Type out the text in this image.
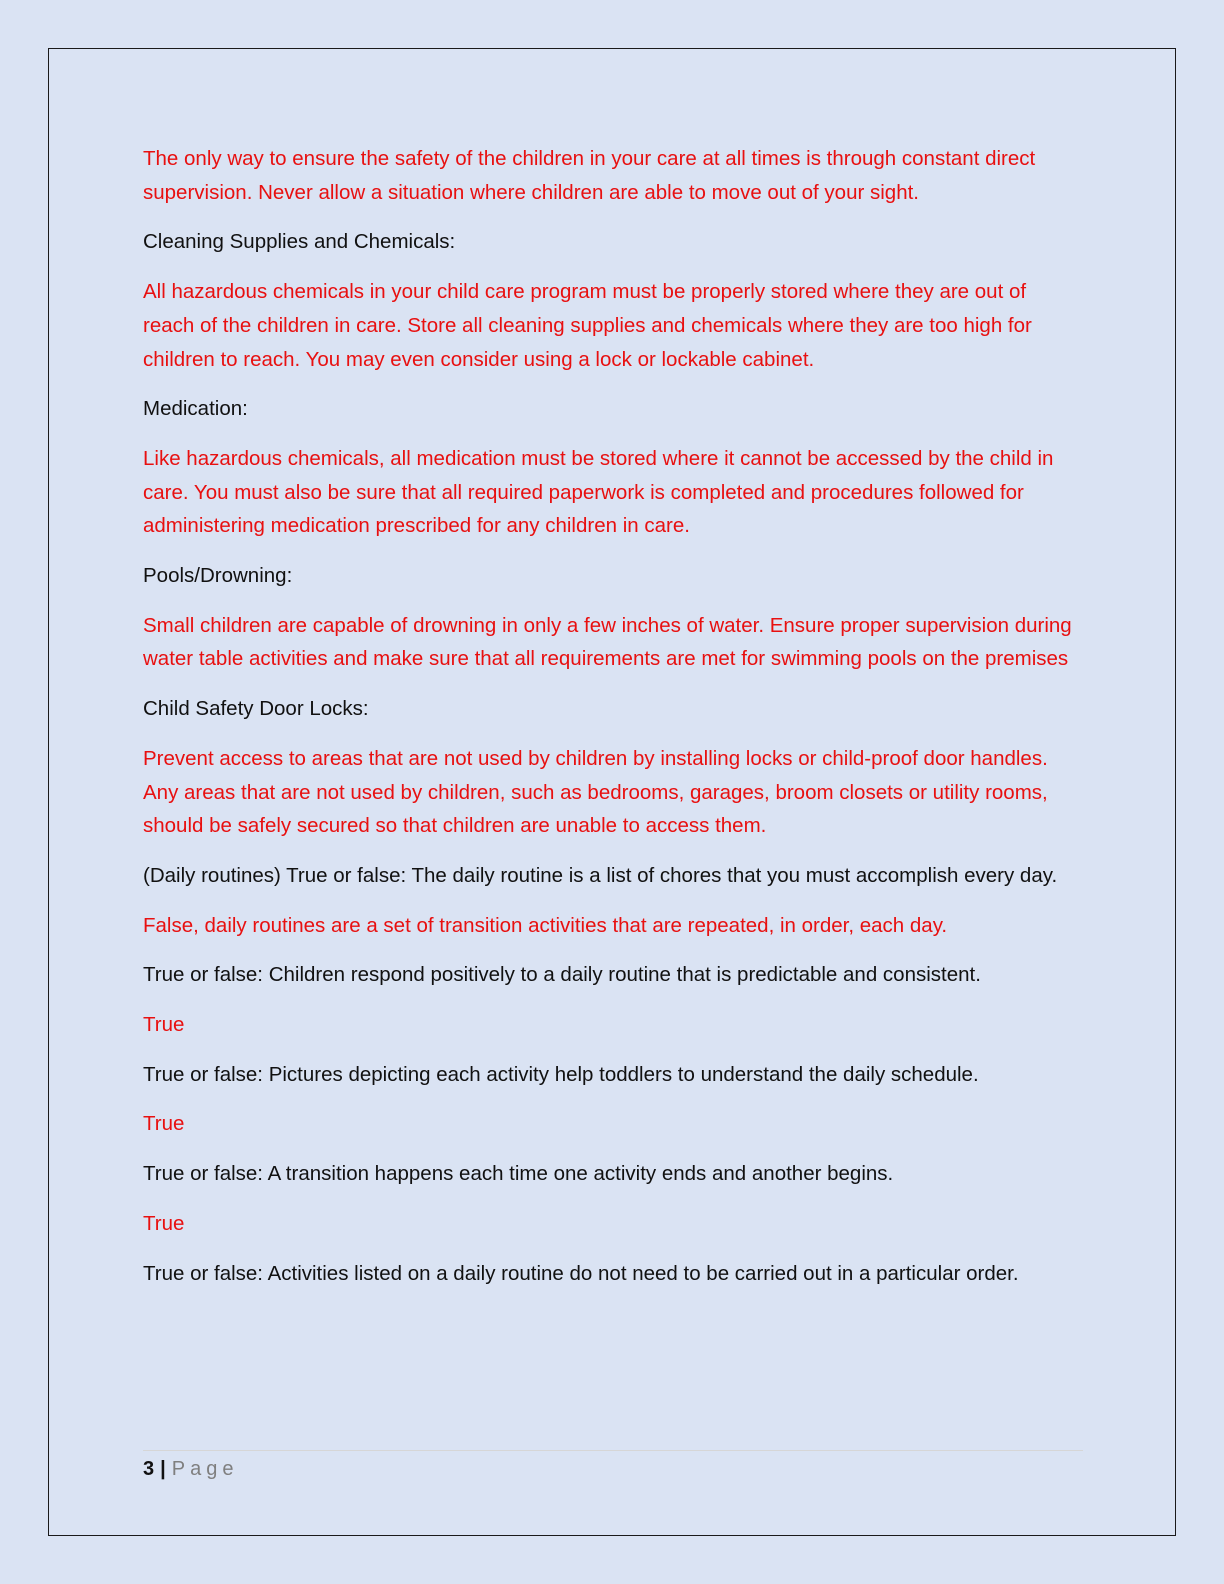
The only way to ensure the safety of the children in your care at all times is through constant direct supervision. Never allow a situation where children are able to move out of your sight.

Cleaning Supplies and Chemicals:

All hazardous chemicals in your child care program must be properly stored where they are out of reach of the children in care. Store all cleaning supplies and chemicals where they are too high for children to reach. You may even consider using a lock or lockable cabinet.

Medication:

Like hazardous chemicals, all medication must be stored where it cannot be accessed by the child in care. You must also be sure that all required paperwork is completed and procedures followed for administering medication prescribed for any children in care.

Pools/Drowning:

Small children are capable of drowning in only a few inches of water. Ensure proper supervision during water table activities and make sure that all requirements are met for swimming pools on the premises

Child Safety Door Locks:

Prevent access to areas that are not used by children by installing locks or child-proof door handles. Any areas that are not used by children, such as bedrooms, garages, broom closets or utility rooms, should be safely secured so that children are unable to access them.

(Daily routines) True or false: The daily routine is a list of chores that you must accomplish every day.

False, daily routines are a set of transition activities that are repeated, in order, each day.

True or false: Children respond positively to a daily routine that is predictable and consistent.

True

True or false: Pictures depicting each activity help toddlers to understand the daily schedule.

True

True or false: A transition happens each time one activity ends and another begins.

True

True or false: Activities listed on a daily routine do not need to be carried out in a particular order.

3 | Page
